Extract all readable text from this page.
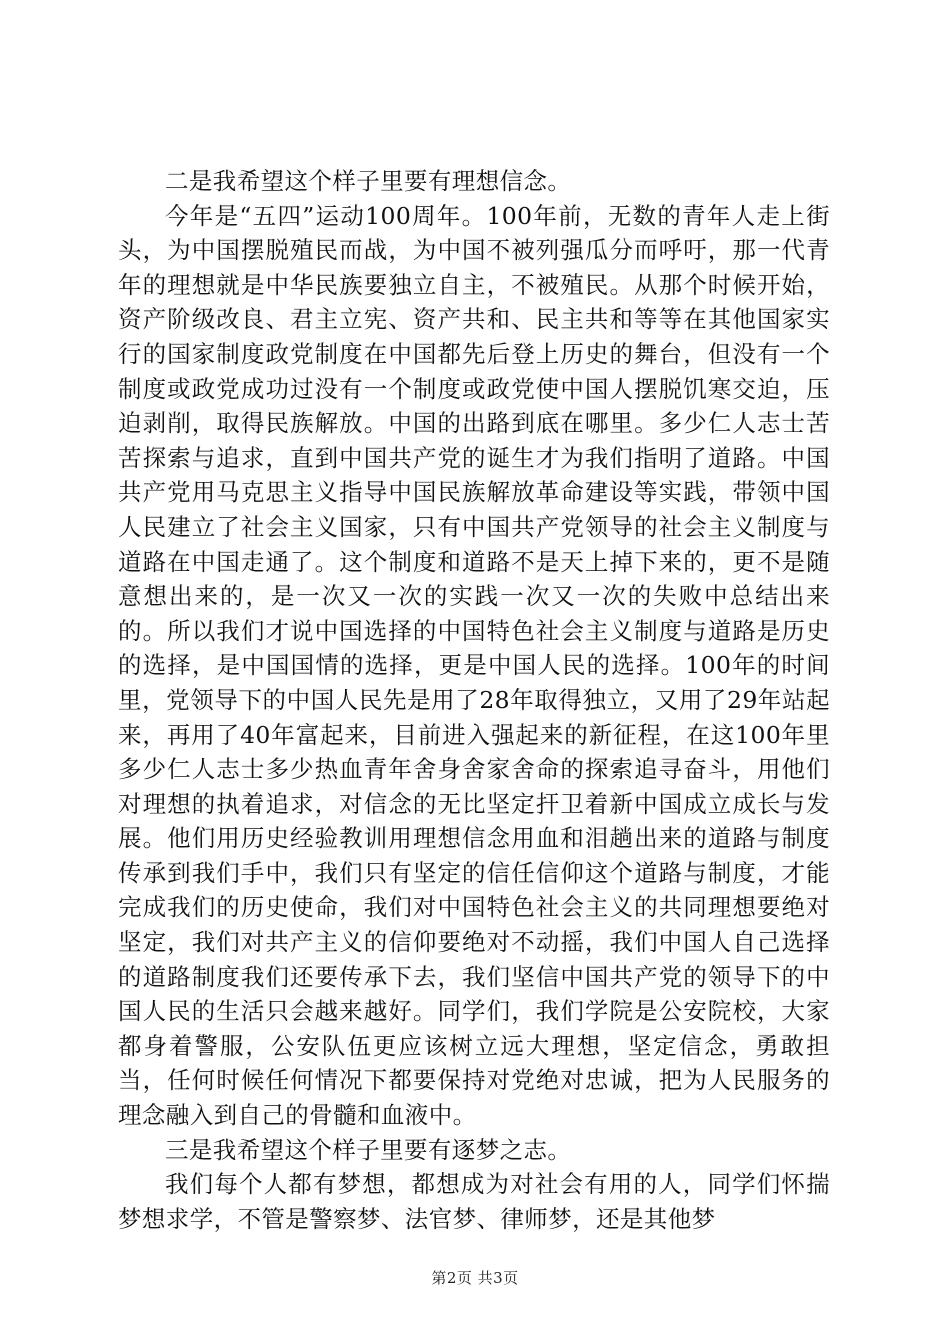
二是我希望这个样子里要有理想信念。

今年是“五四”运动100周年。100年前，无数的青年人走上街头，为中国摆脱殖民而战，为中国不被列强瓜分而呼吁，那一代青年的理想就是中华民族要独立自主，不被殖民。从那个时候开始，资产阶级改良、君主立宪、资产共和、民主共和等等在其他国家实行的国家制度政党制度在中国都先后登上历史的舞台，但没有一个制度或政党成功过没有一个制度或政党使中国人摆脱饥寒交迫，压迫剥削，取得民族解放。中国的出路到底在哪里。多少仁人志士苦苦探索与追求，直到中国共产党的诞生才为我们指明了道路。中国共产党用马克思主义指导中国民族解放革命建设等实践，带领中国人民建立了社会主义国家，只有中国共产党领导的社会主义制度与道路在中国走通了。这个制度和道路不是天上掉下来的，更不是随意想出来的，是一次又一次的实践一次又一次的失败中总结出来的。所以我们才说中国选择的中国特色社会主义制度与道路是历史的选择，是中国国情的选择，更是中国人民的选择。100年的时间里，党领导下的中国人民先是用了28年取得独立，又用了29年站起来，再用了40年富起来，目前进入强起来的新征程，在这100年里多少仁人志士多少热血青年舍身舍家舍命的探索追寻奋斗，用他们对理想的执着追求，对信念的无比坚定扞卫着新中国成立成长与发展。他们用历史经验教训用理想信念用血和泪趟出来的道路与制度传承到我们手中，我们只有坚定的信任信仰这个道路与制度，才能完成我们的历史使命，我们对中国特色社会主义的共同理想要绝对坚定，我们对共产主义的信仰要绝对不动摇，我们中国人自己选择的道路制度我们还要传承下去，我们坚信中国共产党的领导下的中国人民的生活只会越来越好。同学们，我们学院是公安院校，大家都身着警服，公安队伍更应该树立远大理想，坚定信念，勇敢担当，任何时候任何情况下都要保持对党绝对忠诚，把为人民服务的理念融入到自己的骨髓和血液中。

三是我希望这个样子里要有逐梦之志。

我们每个人都有梦想，都想成为对社会有用的人，同学们怀揣梦想求学，不管是警察梦、法官梦、律师梦，还是其他梦

第2页 共3页
